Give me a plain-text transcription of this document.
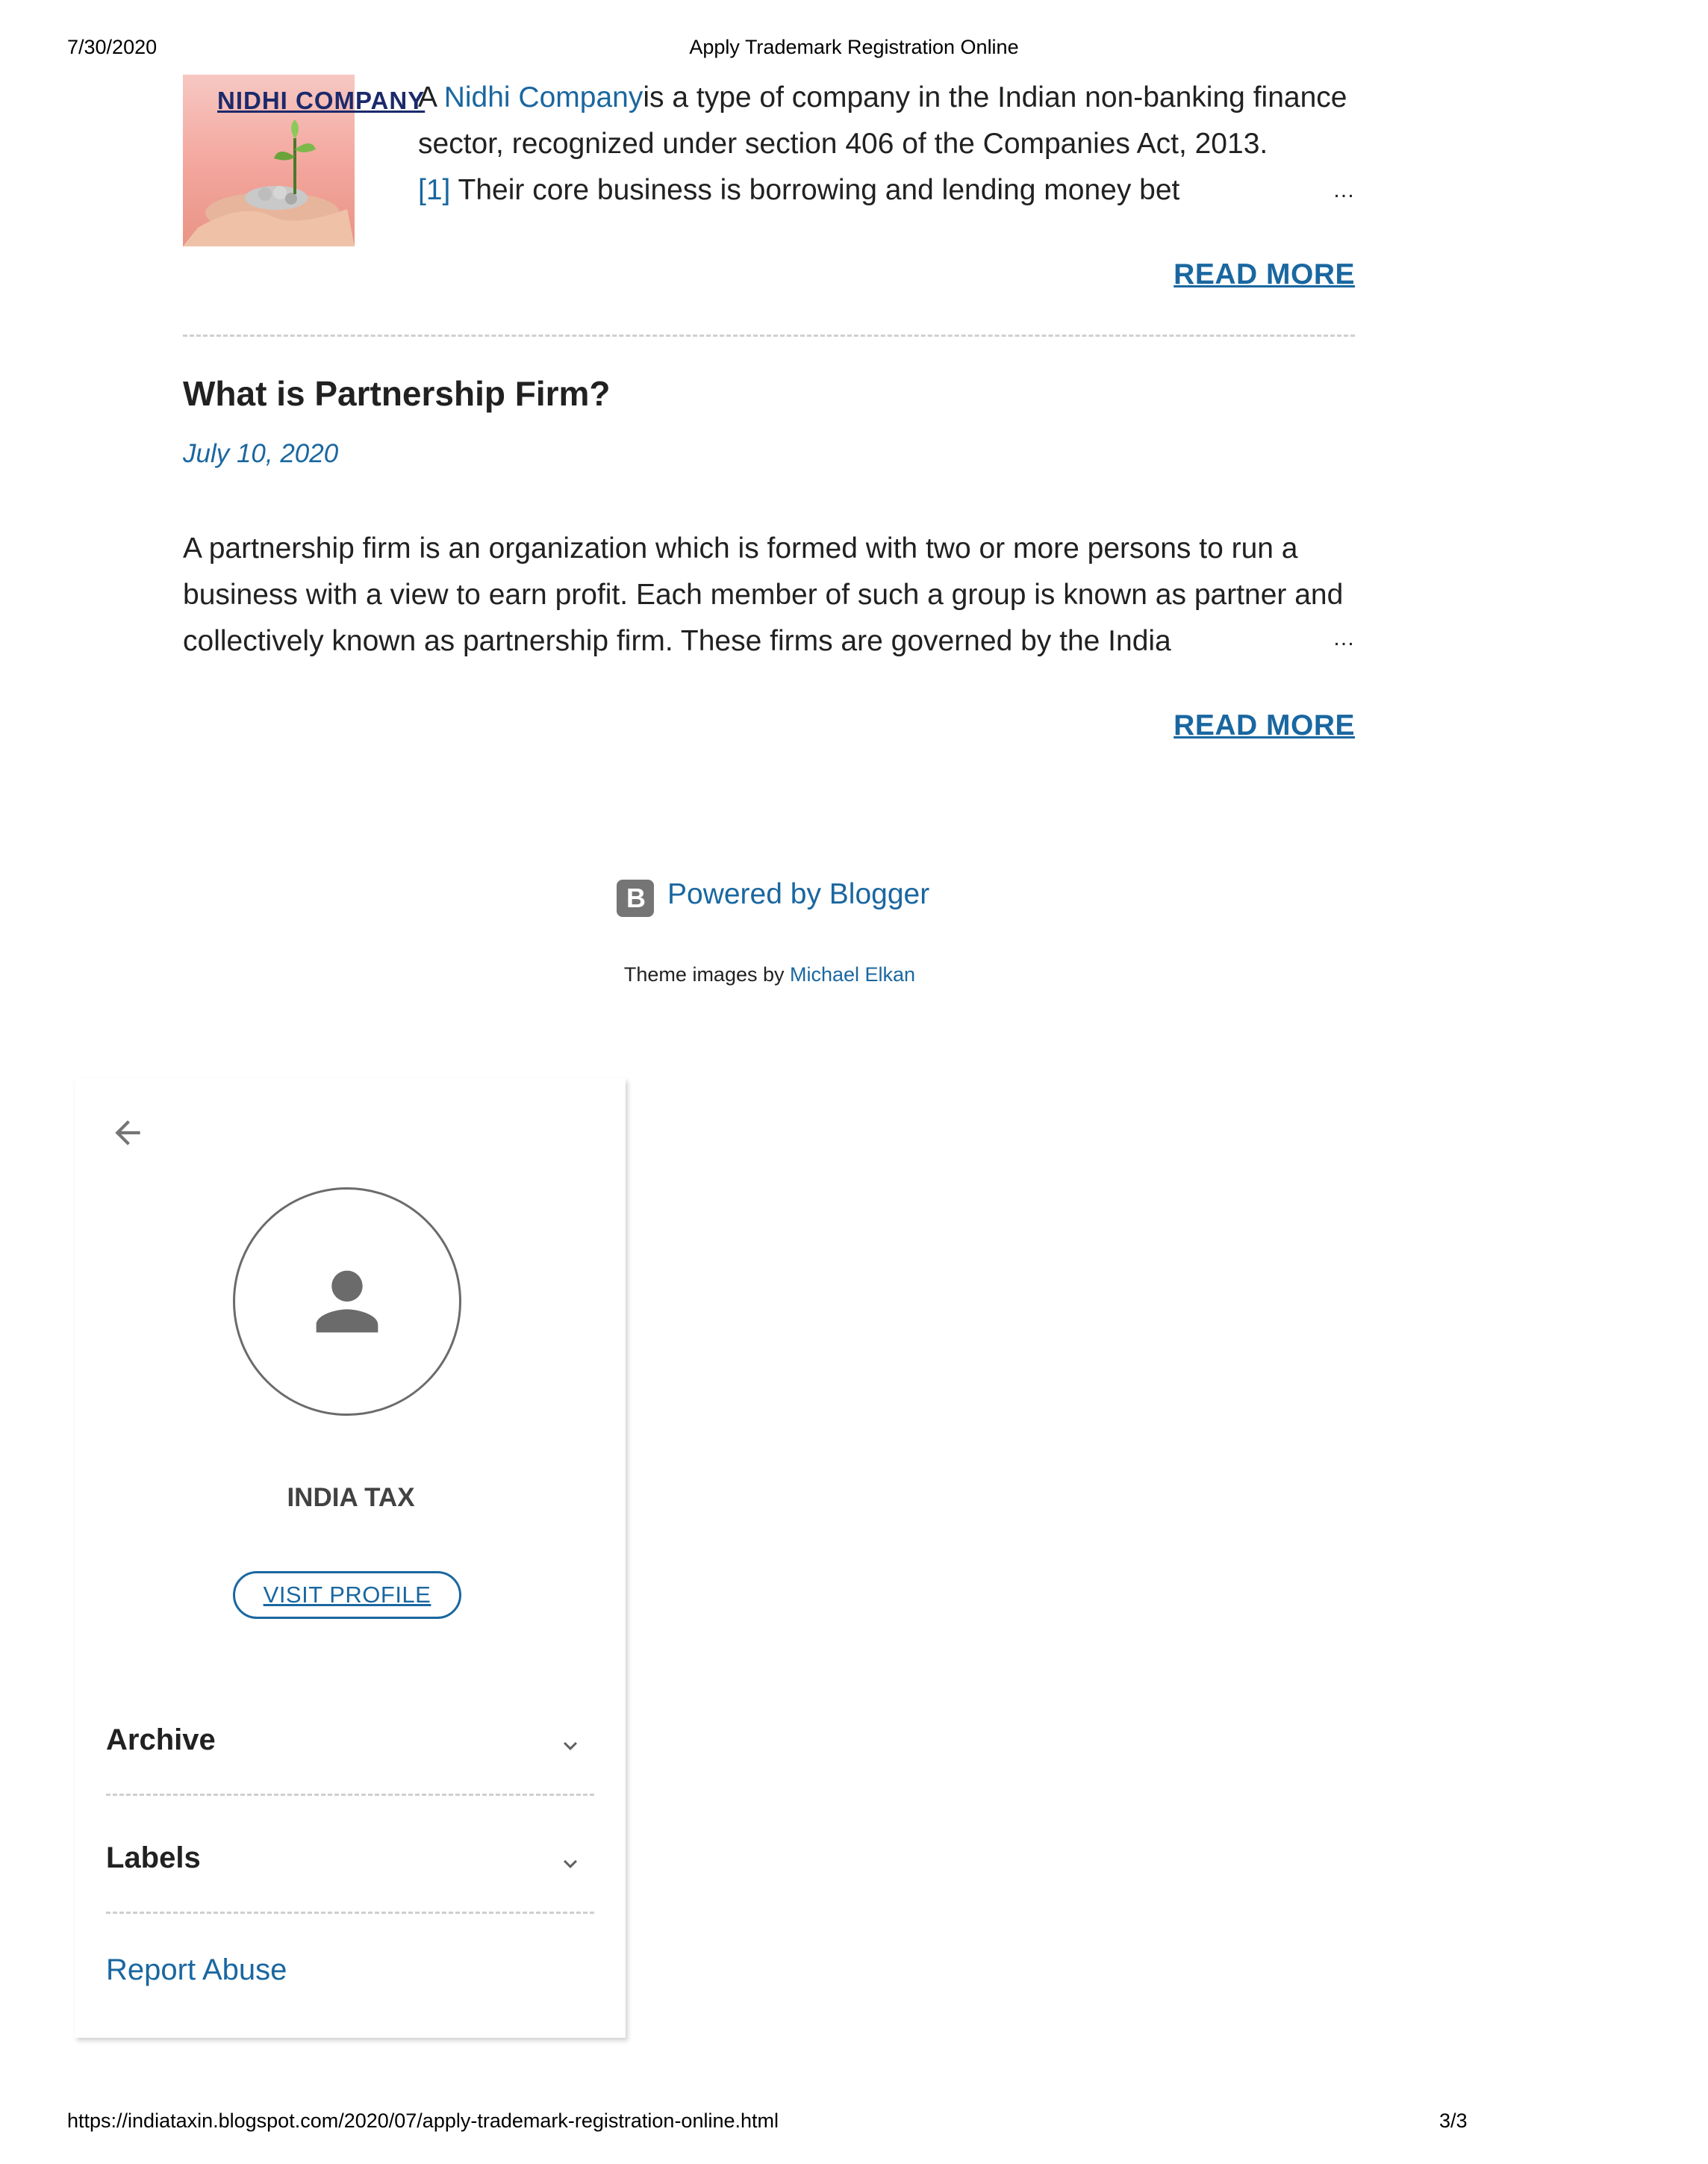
7/30/2020	Apply Trademark Registration Online
NIDHI COMPANY
A Nidhi Companyis a type of company in the Indian non-banking finance
sector, recognized under section 406 of the Companies Act, 2013.
[1] Their core business is borrowing and lending money bet	…
READ MORE
What is Partnership Firm?
July 10, 2020
A partnership firm is an organization which is formed with two or more persons to run a
business with a view to earn profit. Each member of such a group is known as partner and
collectively known as partnership firm. These firms are governed by the India	…
READ MORE
B Powered by Blogger
Theme images by Michael Elkan
INDIA TAX
VISIT PROFILE
Archive
Labels
Report Abuse
https://indiataxin.blogspot.com/2020/07/apply-trademark-registration-online.html	3/3
